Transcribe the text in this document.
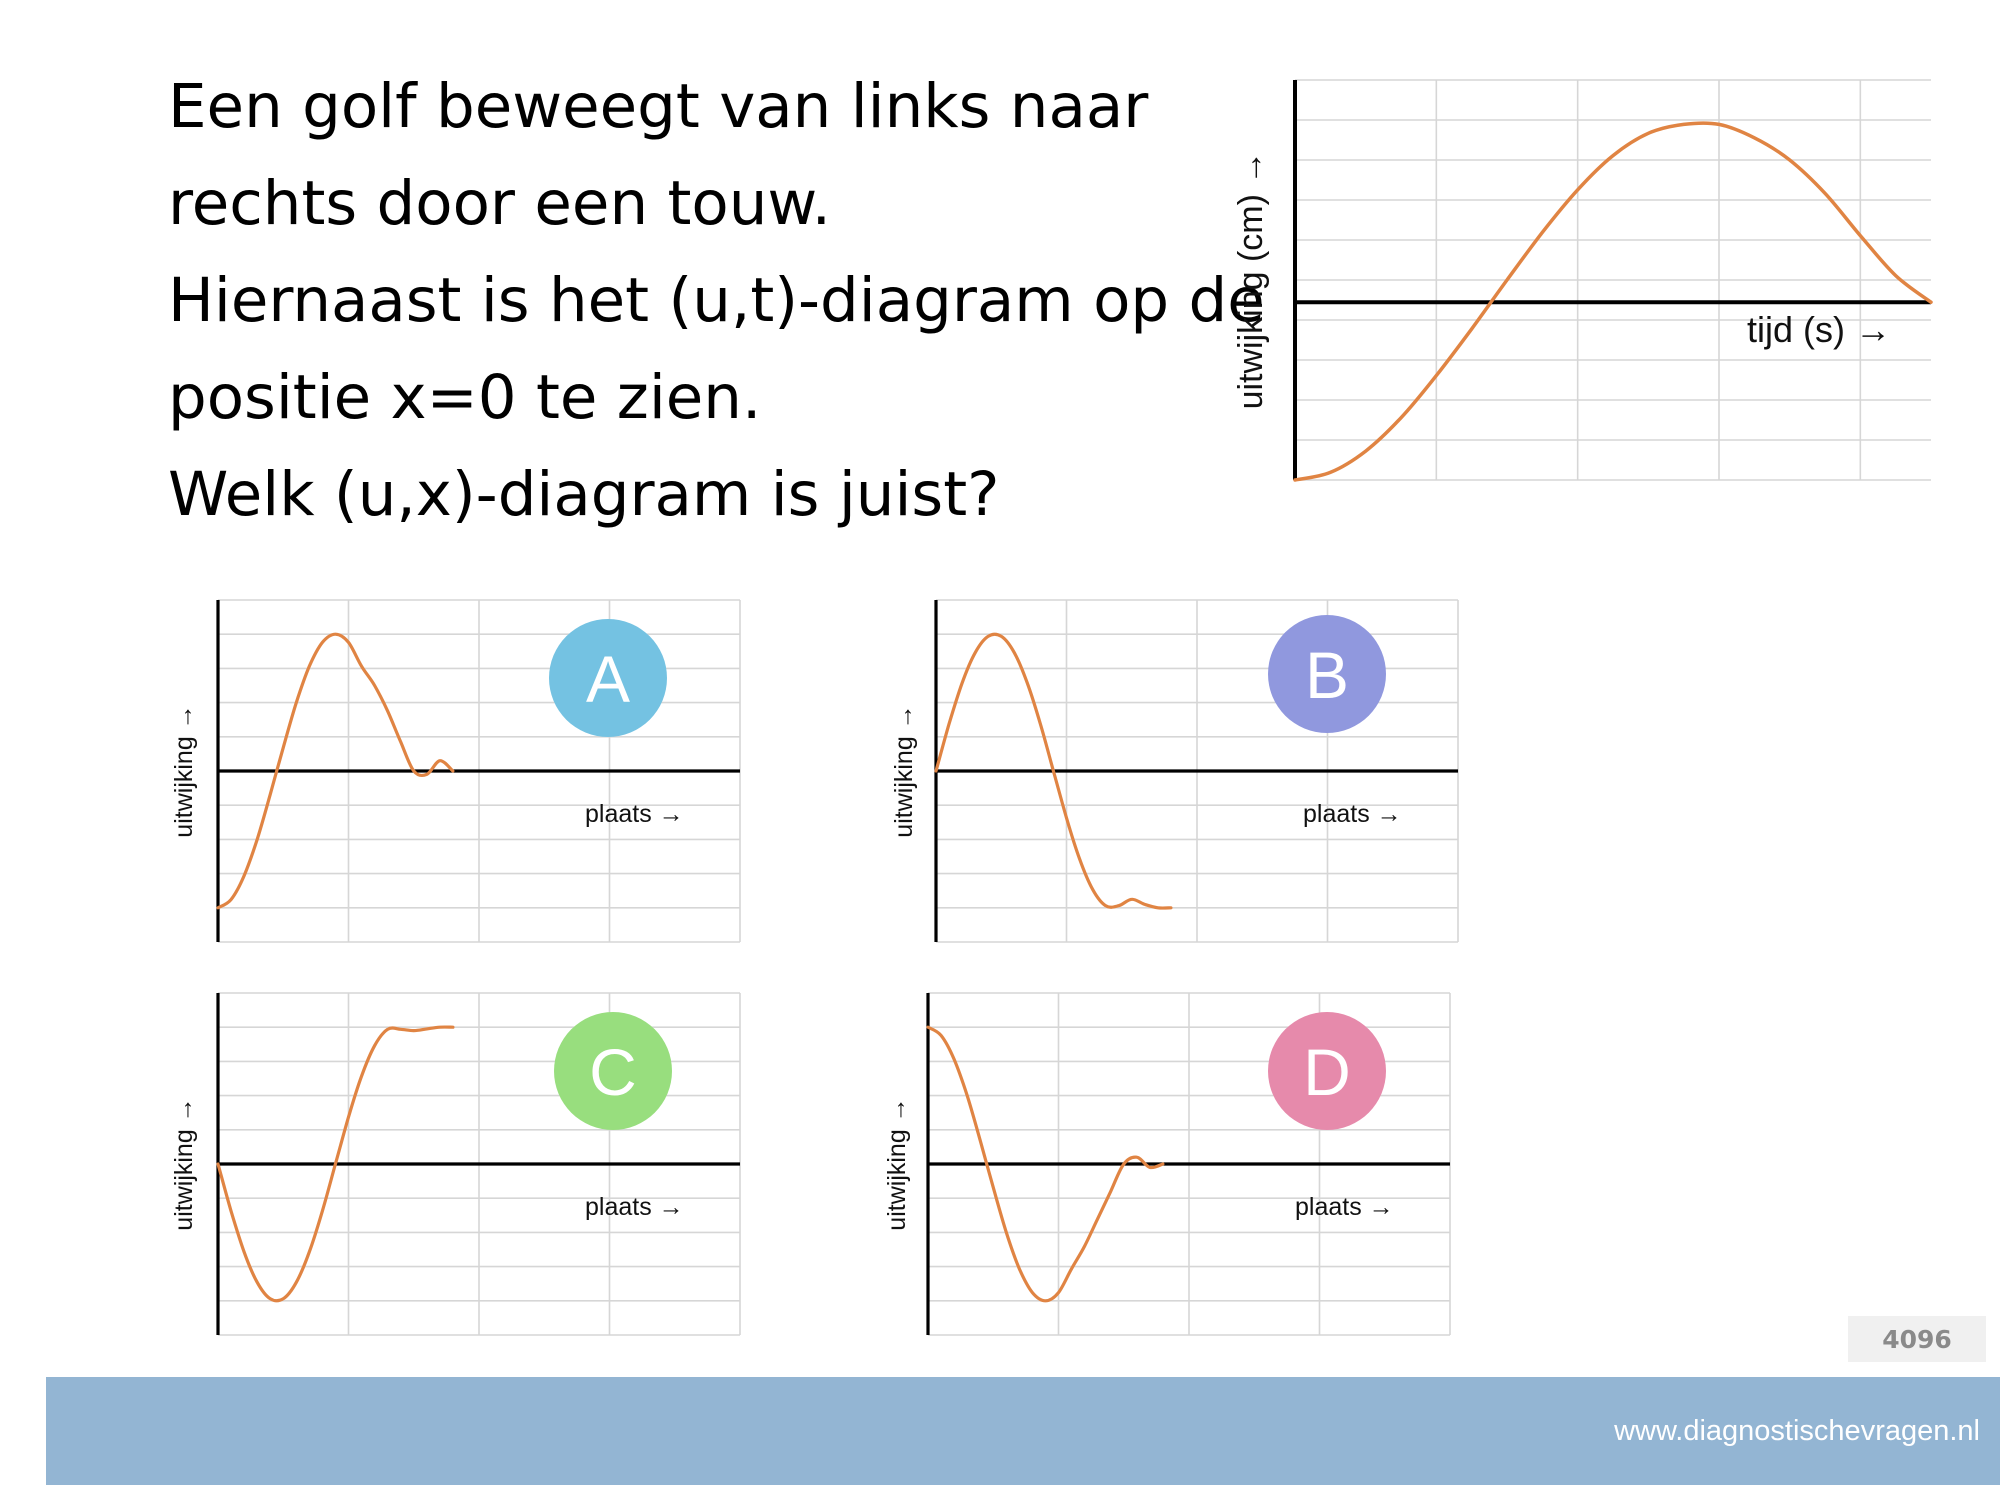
Een golf beweegt van links naar
rechts door een touw.
Hiernaast is het (u,t)-diagram op de
positie x=0 te zien.
Welk (u,x)-diagram is juist?
tijd (s) →
uitwijking (cm) →
plaats →
uitwijking →
A
plaats →
uitwijking →
B
plaats →
uitwijking →
C
plaats →
uitwijking →
D
4096
www.diagnostischevragen.nl
